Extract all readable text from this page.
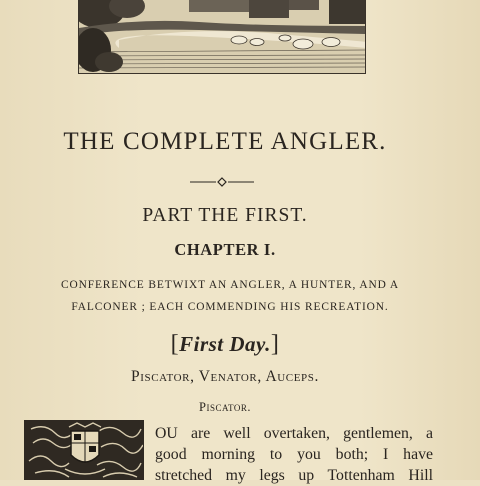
THE COMPLETE ANGLER.
PART THE FIRST.
CHAPTER I.

CONFERENCE BETWIXT AN ANGLER, A HUNTER, AND A
FALCONER ; EACH COMMENDING HIS RECREATION.

[First Day.]

Piscator, Venator, Auceps.

Piscator.

OU are well overtaken, gentlemen, a
good morning to you both; I have
stretched my legs up Tottenham Hill
